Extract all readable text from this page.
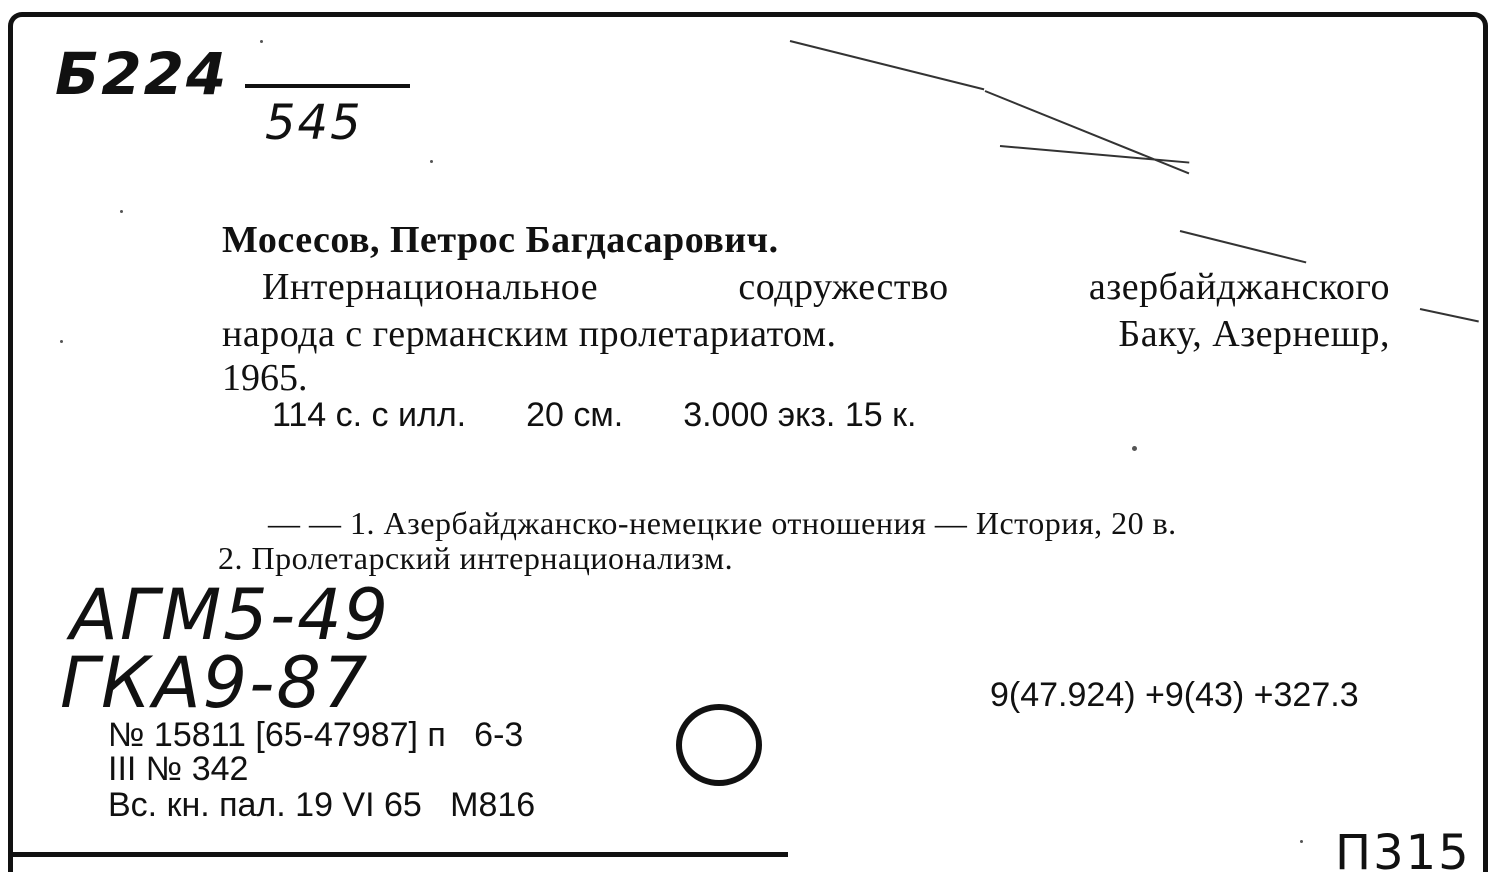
Б224
545
АГМ5-49
ГКА9-87
П315
Мосесов, Петрос Багдасарович.
Интернациональное содружество азербайджанского
народа с германским пролетариатом.	Баку, Азернешр,
1965.
114 с. с илл. 20 см. 3.000 экз. 15 к.
— — 1. Азербайджанско-немецкие отношения — История, 20 в.
2. Пролетарский интернационализм.
9(47.924) +9(43) +327.3
№ 15811 [65-47987] п   6-3
III № 342
Вс. кн. пал. 19 VI 65   М816
